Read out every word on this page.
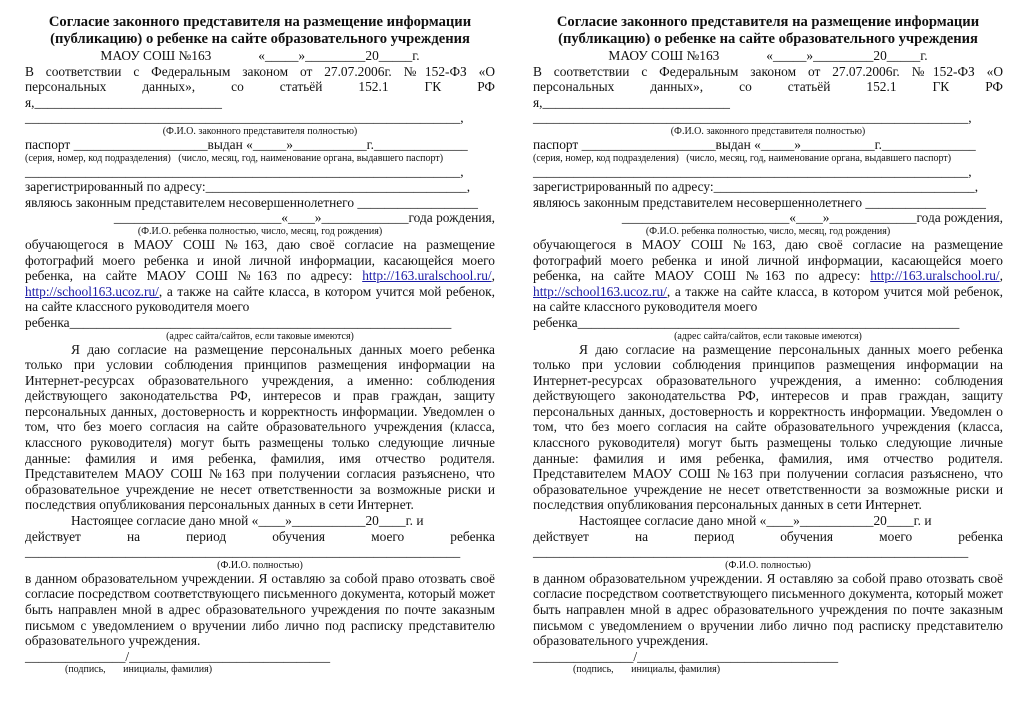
Согласие законного представителя на размещение информации

(публикацию) о ребенке на сайте образовательного учреждения

МАОУ СОШ №163              «_____»_________20_____г.

В соответствии с Федеральным законом от 27.07.2006г. №152-ФЗ «О персональных данных», со статьёй 152.1 ГК РФ я,____________________________

_________________________________________________________________,

(Ф.И.О. законного представителя полностью)

паспорт ____________________выдан «_____»___________г.______________

(серия, номер, код подразделения)   (число, месяц, год, наименование органа, выдавшего паспорт)

_________________________________________________________________,

зарегистрированный по адресу:_______________________________________,

являюсь законным представителем несовершеннолетнего __________________

_________________________«____»_____________года рождения,

(Ф.И.О. ребенка полностью, число, месяц, год рождения)

обучающегося в МАОУ СОШ №163, даю своё согласие на размещение фотографий моего ребенка и иной личной информации, касающейся моего ребенка, на сайте МАОУ СОШ №163 по адресу: http://163.uralschool.ru/, http://school163.ucoz.ru/, а также на сайте класса, в котором учится мой ребенок, на сайте классного руководителя моего

ребенка_________________________________________________________

(адрес сайта/сайтов, если таковые имеются)

Я даю согласие на размещение персональных данных моего ребенка только при условии соблюдения принципов размещения информации на Интернет-ресурсах образовательного учреждения, а именно: соблюдения действующего законодательства РФ, интересов и прав граждан, защиту персональных данных, достоверность и корректность информации. Уведомлен о том, что без моего согласия на сайте образовательного учреждения (класса, классного руководителя) могут быть размещены только следующие личные данные: фамилия и имя ребенка, фамилия, имя отчество родителя. Представителем МАОУ СОШ №163 при получении согласия разъяснено, что образовательное учреждение не несет ответственности за возможные риски и последствия опубликования персональных данных в сети Интернет.

Настоящее согласие дано мной «____»___________20____г. и

действует	на	период	обучения	моего	ребенка

_________________________________________________________________

(Ф.И.О. полностью)

в данном образовательном учреждении. Я оставляю за собой право отозвать своё согласие посредством соответствующего письменного документа, который может быть направлен мной в адрес образовательного учреждения по почте заказным письмом с уведомлением о вручении либо лично под расписку представителю образовательного учреждения.

_______________/______________________________

(подпись,       инициалы, фамилия)

Согласие законного представителя на размещение информации

(публикацию) о ребенке на сайте образовательного учреждения

МАОУ СОШ №163              «_____»_________20_____г.

В соответствии с Федеральным законом от 27.07.2006г. №152-ФЗ «О персональных данных», со статьёй 152.1 ГК РФ я,____________________________

_________________________________________________________________,

(Ф.И.О. законного представителя полностью)

паспорт ____________________выдан «_____»___________г.______________

(серия, номер, код подразделения)   (число, месяц, год, наименование органа, выдавшего паспорт)

_________________________________________________________________,

зарегистрированный по адресу:_______________________________________,

являюсь законным представителем несовершеннолетнего __________________

_________________________«____»_____________года рождения,

(Ф.И.О. ребенка полностью, число, месяц, год рождения)

обучающегося в МАОУ СОШ №163, даю своё согласие на размещение фотографий моего ребенка и иной личной информации, касающейся моего ребенка, на сайте МАОУ СОШ №163 по адресу: http://163.uralschool.ru/, http://school163.ucoz.ru/, а также на сайте класса, в котором учится мой ребенок, на сайте классного руководителя моего

ребенка_________________________________________________________

(адрес сайта/сайтов, если таковые имеются)

Я даю согласие на размещение персональных данных моего ребенка только при условии соблюдения принципов размещения информации на Интернет-ресурсах образовательного учреждения, а именно: соблюдения действующего законодательства РФ, интересов и прав граждан, защиту персональных данных, достоверность и корректность информации. Уведомлен о том, что без моего согласия на сайте образовательного учреждения (класса, классного руководителя) могут быть размещены только следующие личные данные: фамилия и имя ребенка, фамилия, имя отчество родителя. Представителем МАОУ СОШ №163 при получении согласия разъяснено, что образовательное учреждение не несет ответственности за возможные риски и последствия опубликования персональных данных в сети Интернет.

Настоящее согласие дано мной «____»___________20____г. и

действует	на	период	обучения	моего	ребенка

_________________________________________________________________

(Ф.И.О. полностью)

в данном образовательном учреждении. Я оставляю за собой право отозвать своё согласие посредством соответствующего письменного документа, который может быть направлен мной в адрес образовательного учреждения по почте заказным письмом с уведомлением о вручении либо лично под расписку представителю образовательного учреждения.

_______________/______________________________

(подпись,       инициалы, фамилия)
